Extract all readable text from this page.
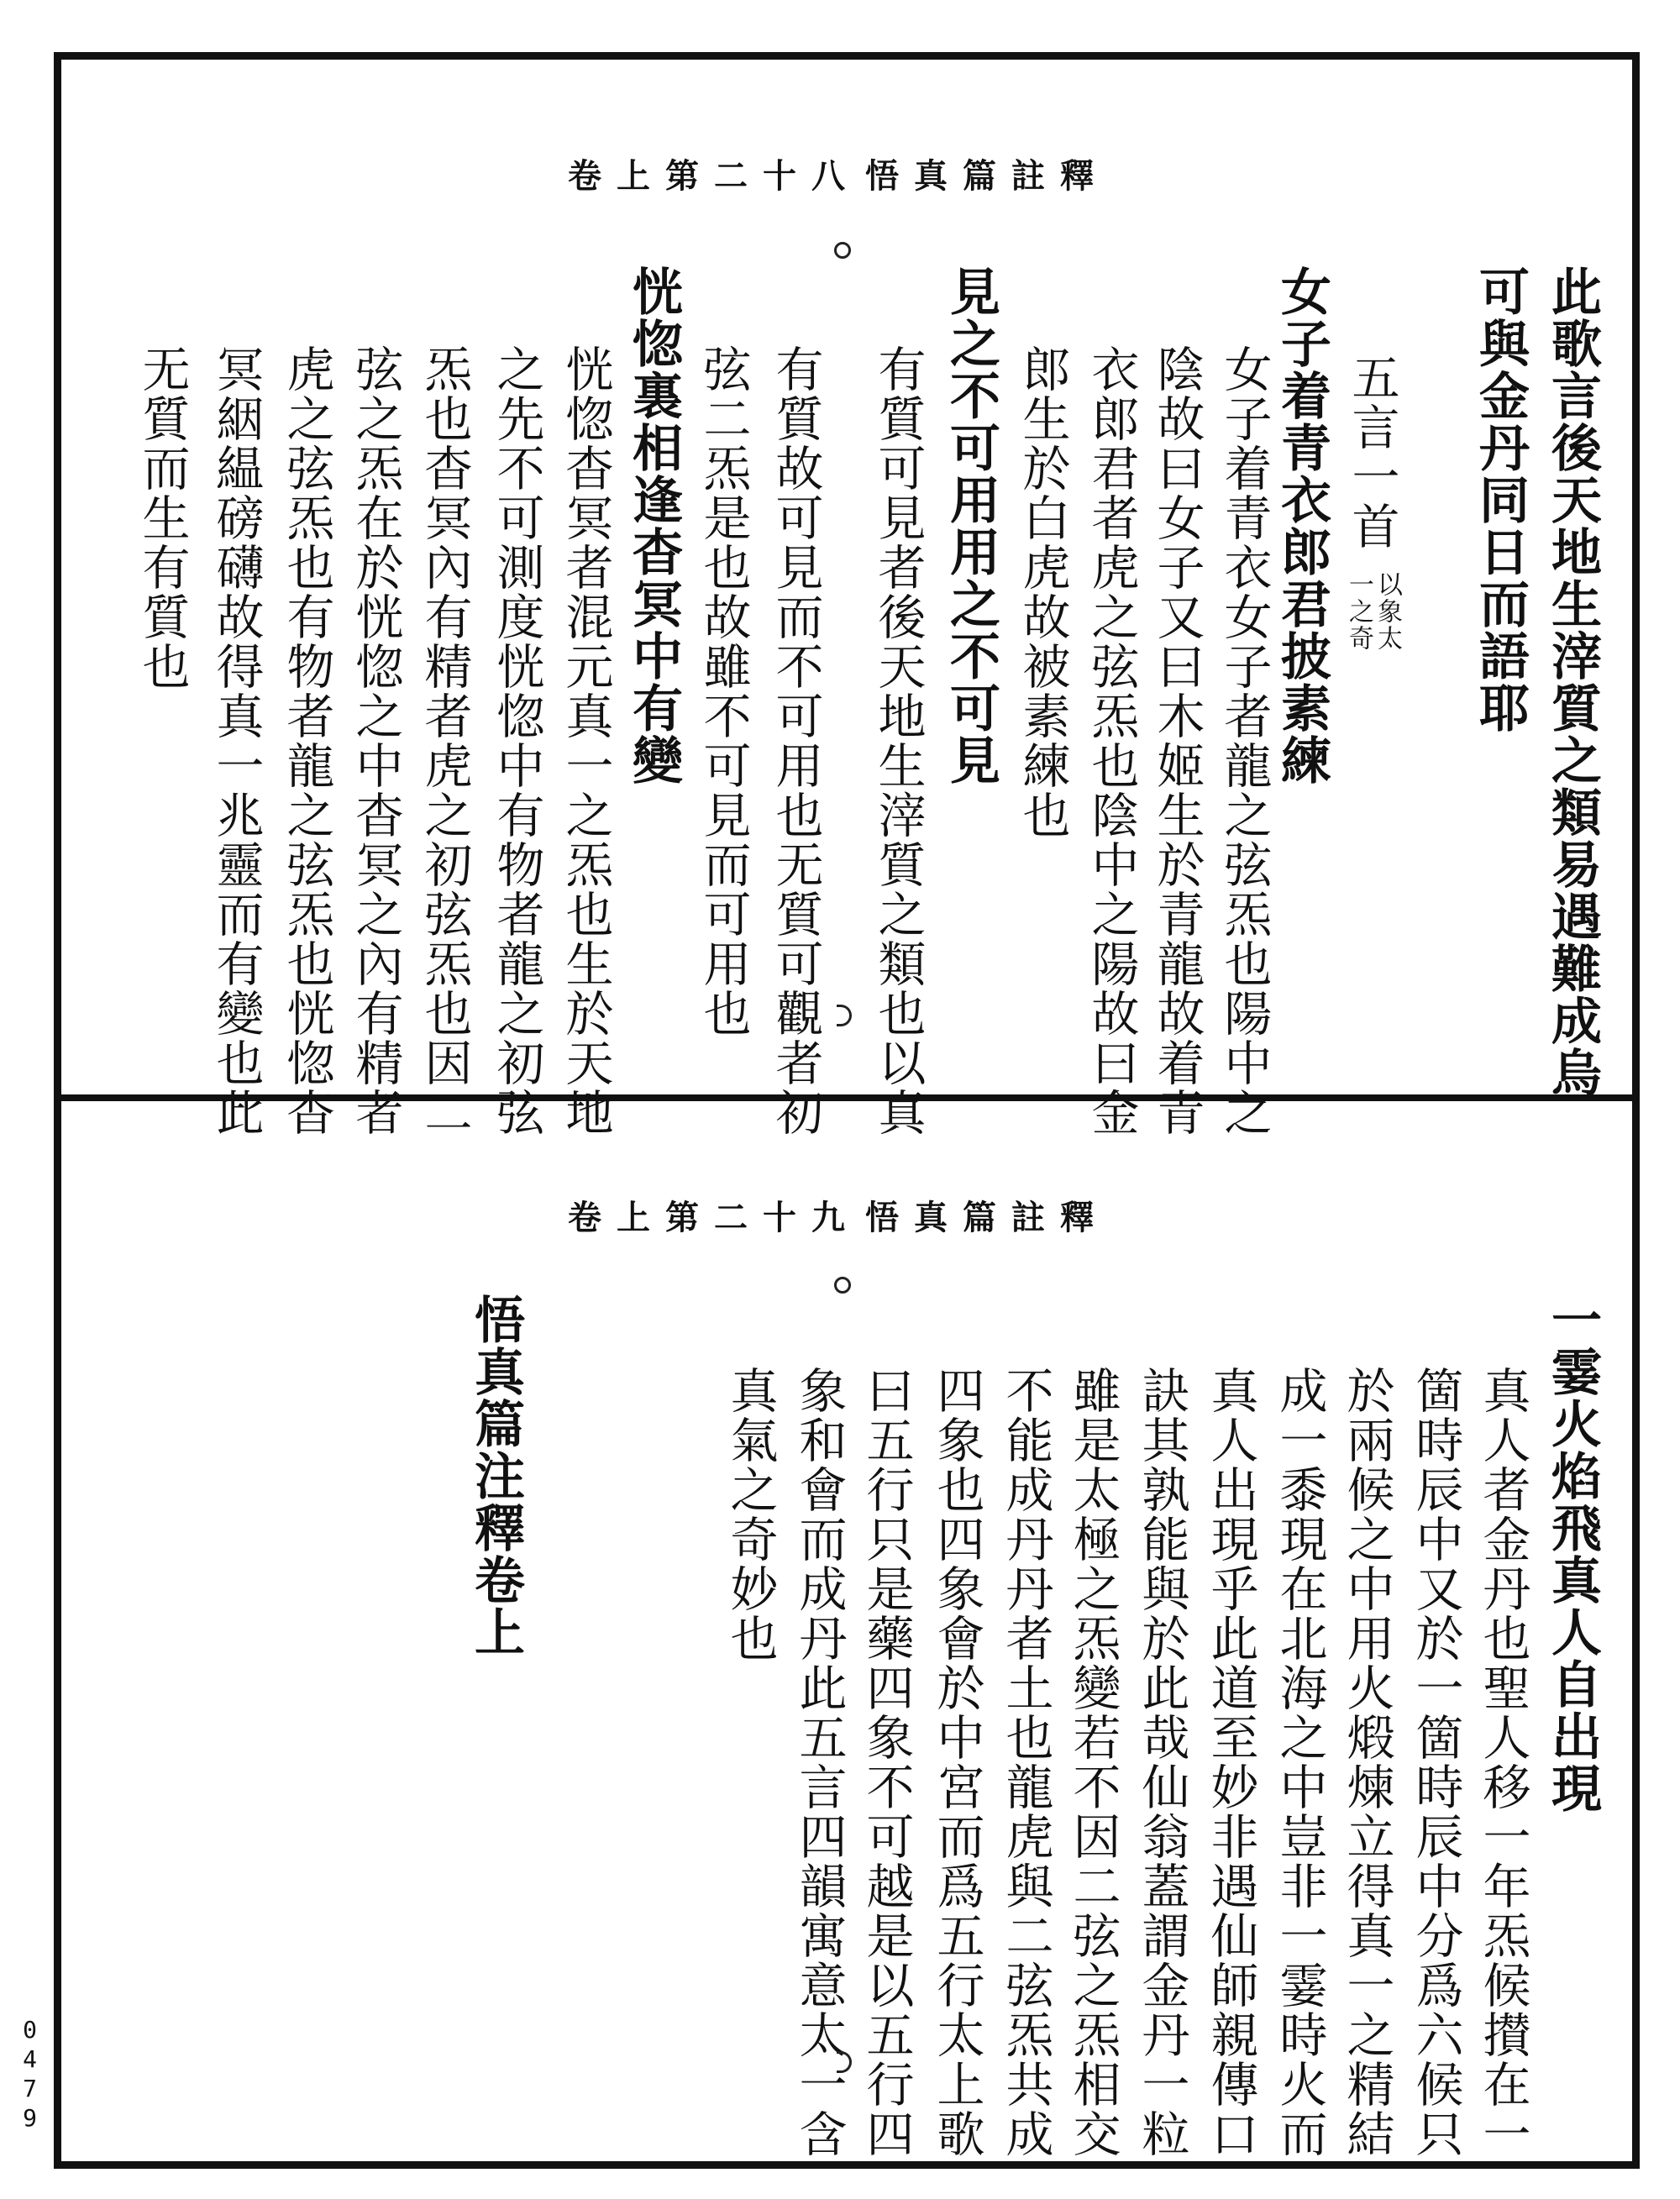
0479
悟真篇註釋
卷上第二十八
悟真篇註釋
卷上第二十九
此歌言後天地生滓質之類易遇難成烏
可與金丹同日而語耶
五言一首
以象太
一之奇
女子着青衣郎君披素練
女子着青衣女子者龍之弦炁也陽中之
陰故曰女子又曰木姬生於青龍故着青
衣郎君者虎之弦炁也陰中之陽故曰金
郎生於白虎故被素練也
見之不可用用之不可見
有質可見者後天地生滓質之類也以真
有質故可見而不可用也无質可觀者初
弦二炁是也故雖不可見而可用也
恍惚裏相逢杳冥中有變
恍惚杳冥者混元真一之炁也生於天地
之先不可測度恍惚中有物者龍之初弦
炁也杳冥內有精者虎之初弦炁也因二
弦之炁在於恍惚之中杳冥之內有精者
虎之弦炁也有物者龍之弦炁也恍惚杳
冥絪緼磅礴故得真一兆靈而有變也此
无質而生有質也
一霎火焰飛真人自出現
真人者金丹也聖人移一年炁候攅在一
箇時辰中又於一箇時辰中分爲六候只
於兩候之中用火煅煉立得真一之精結
成一黍現在北海之中豈非一霎時火而
真人出現乎此道至妙非遇仙師親傳口
訣其孰能與於此哉仙翁蓋謂金丹一粒
雖是太極之炁變若不因二弦之炁相交
不能成丹丹者土也龍虎與二弦炁共成
四象也四象會於中宮而爲五行太上歌
曰五行只是藥四象不可越是以五行四
象和會而成丹此五言四韻寓意太一含
真氣之奇妙也
悟真篇注釋卷上
